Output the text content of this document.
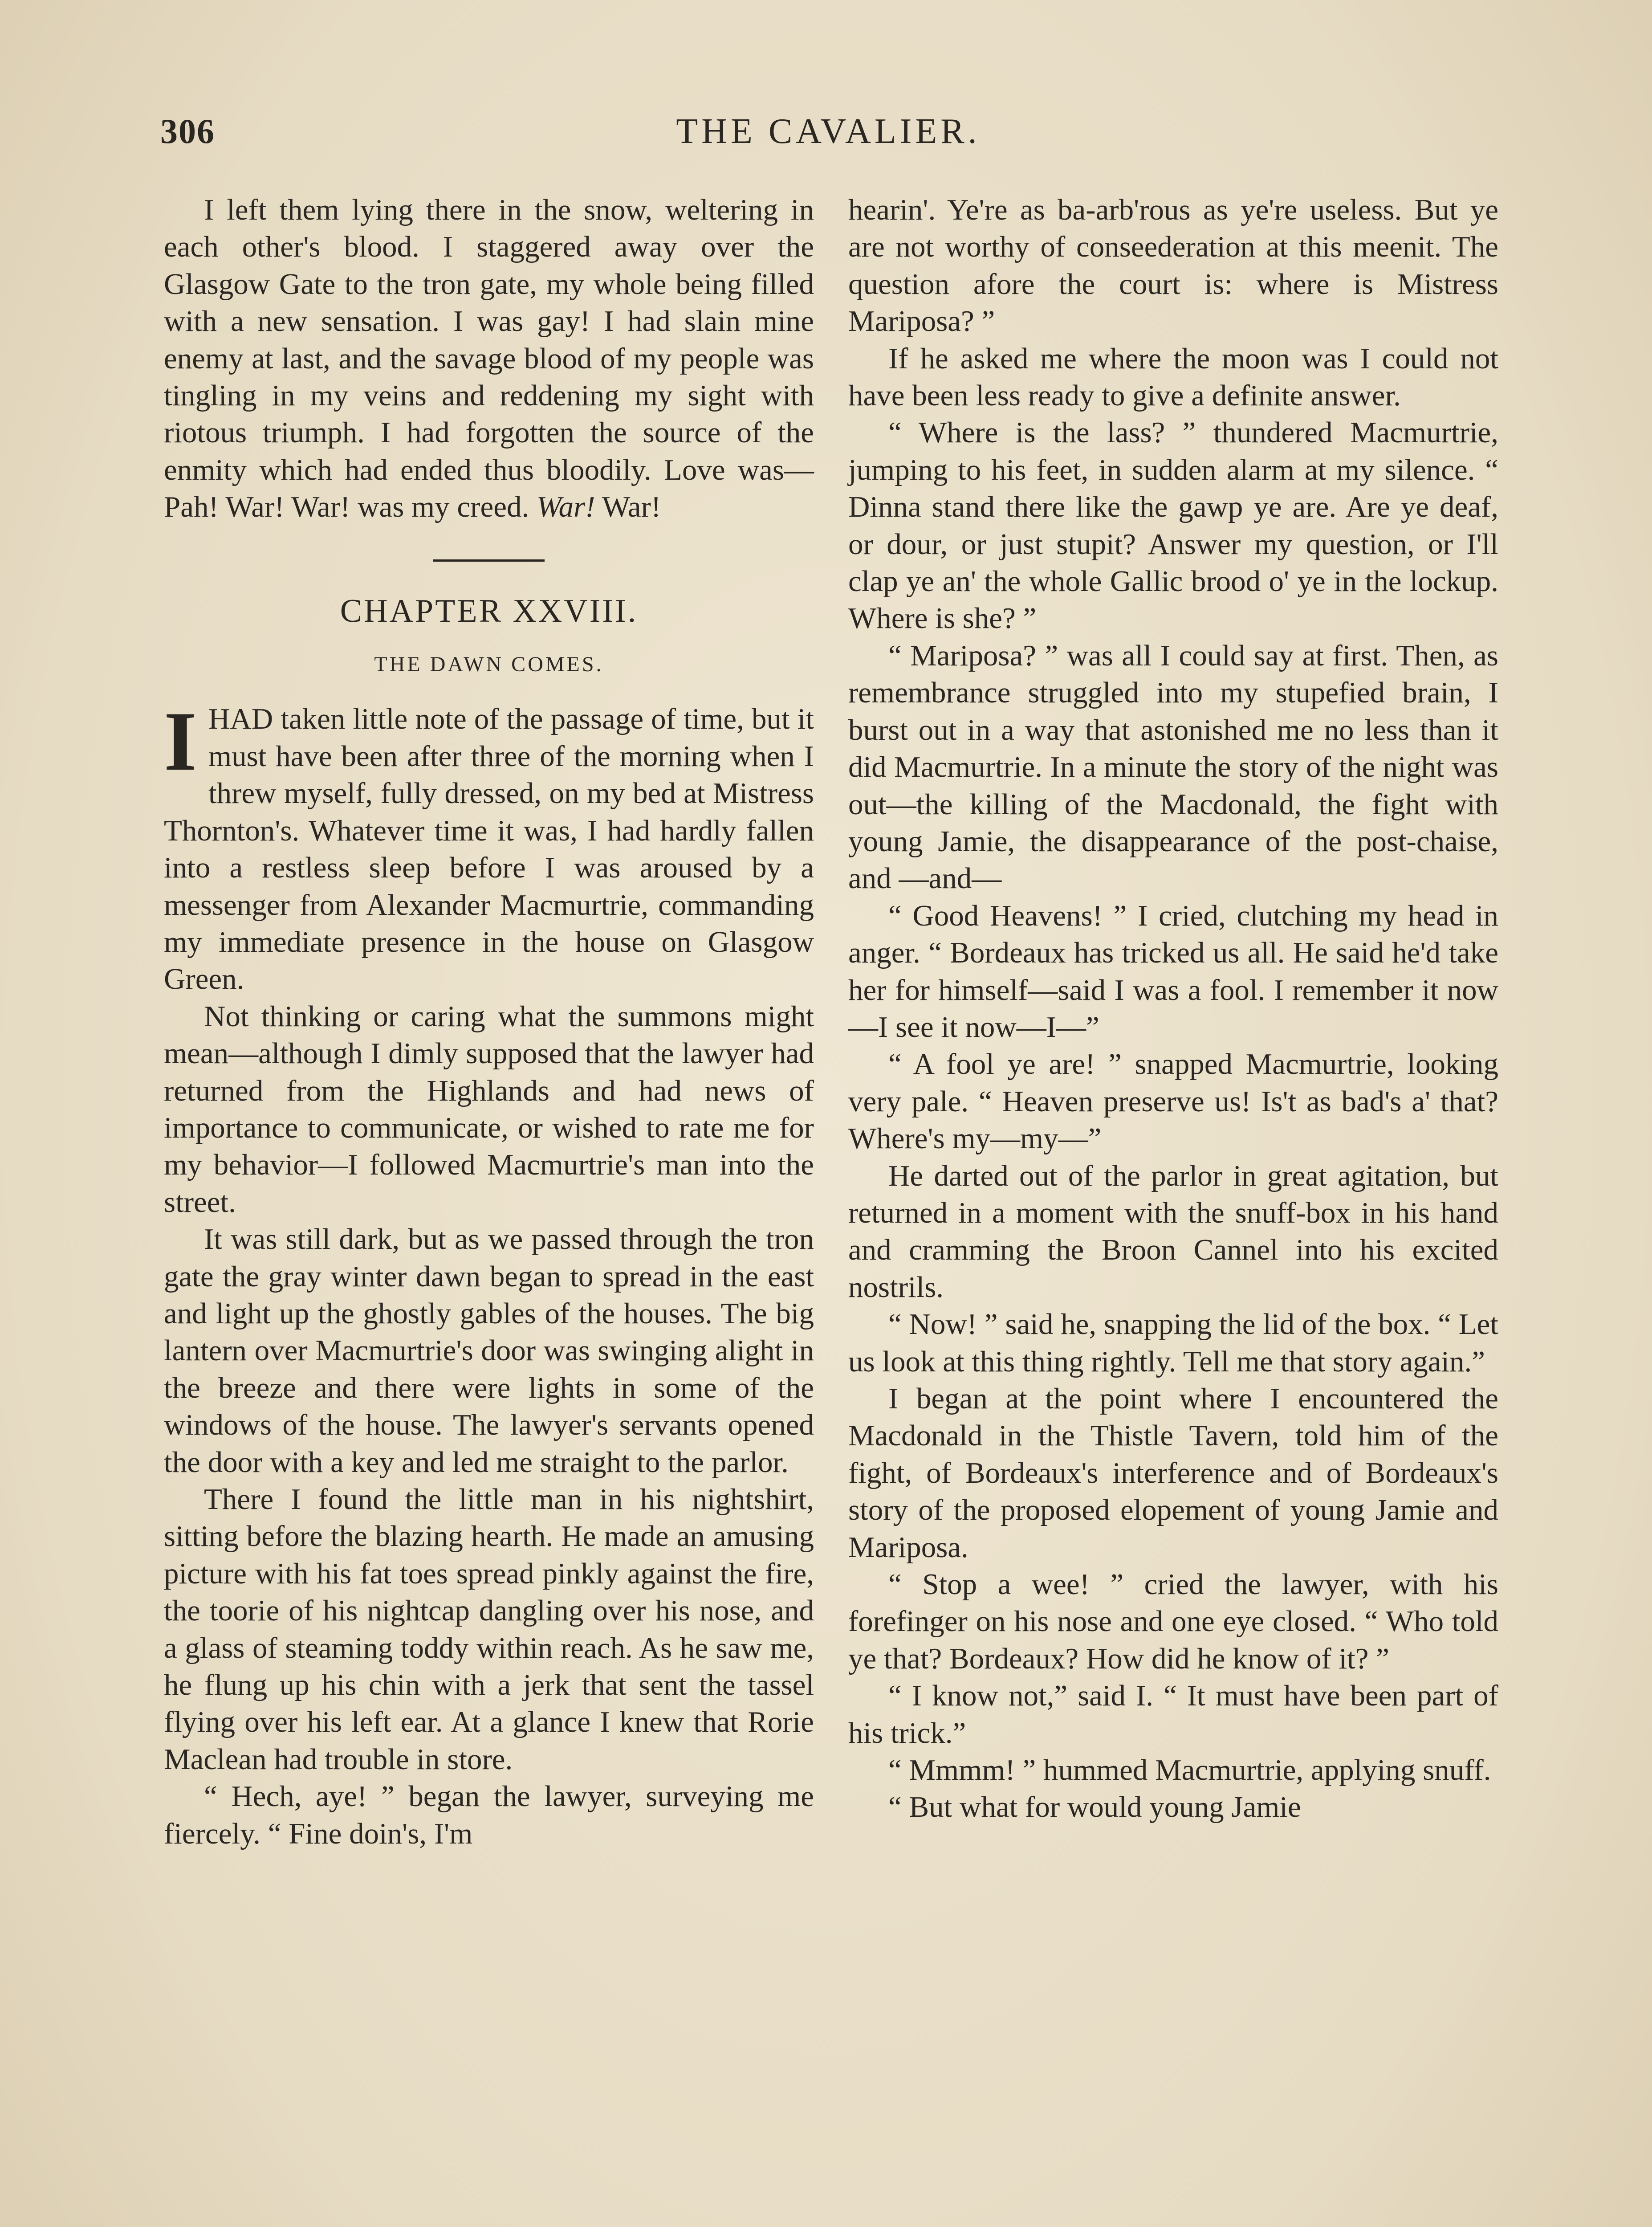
306	THE CAVALIER.

I left them lying there in the snow, weltering in each other's blood. I staggered away over the Glasgow Gate to the tron gate, my whole being filled with a new sensation. I was gay! I had slain mine enemy at last, and the savage blood of my people was tingling in my veins and reddening my sight with riotous triumph. I had forgotten the source of the enmity which had ended thus bloodily. Love was— Pah! War! War! was my creed. War! War!

CHAPTER XXVIII.
THE DAWN COMES.

IHAD taken little note of the passage of time, but it must have been after three of the morning when I threw myself, fully dressed, on my bed at Mistress Thornton's. Whatever time it was, I had hardly fallen into a restless sleep before I was aroused by a messenger from Alexander Macmurtrie, commanding my immediate presence in the house on Glasgow Green.

Not thinking or caring what the summons might mean—although I dimly supposed that the lawyer had returned from the Highlands and had news of importance to communicate, or wished to rate me for my behavior—I followed Macmurtrie's man into the street.

It was still dark, but as we passed through the tron gate the gray winter dawn began to spread in the east and light up the ghostly gables of the houses. The big lantern over Macmurtrie's door was swinging alight in the breeze and there were lights in some of the windows of the house. The lawyer's servants opened the door with a key and led me straight to the parlor.

There I found the little man in his nightshirt, sitting before the blazing hearth. He made an amusing picture with his fat toes spread pinkly against the fire, the toorie of his nightcap dangling over his nose, and a glass of steaming toddy within reach. As he saw me, he flung up his chin with a jerk that sent the tassel flying over his left ear. At a glance I knew that Rorie Maclean had trouble in store.

“ Hech, aye! ” began the lawyer, surveying me fiercely. “ Fine doin's, I'm

hearin'. Ye're as ba-arb'rous as ye're useless. But ye are not worthy of conseederation at this meenit. The question afore the court is: where is Mistress Mariposa? ”

If he asked me where the moon was I could not have been less ready to give a definite answer.

“ Where is the lass? ” thundered Macmurtrie, jumping to his feet, in sudden alarm at my silence. “ Dinna stand there like the gawp ye are. Are ye deaf, or dour, or just stupit? Answer my question, or I'll clap ye an' the whole Gallic brood o' ye in the lockup. Where is she? ”

“ Mariposa? ” was all I could say at first. Then, as remembrance struggled into my stupefied brain, I burst out in a way that astonished me no less than it did Macmurtrie. In a minute the story of the night was out—the killing of the Macdonald, the fight with young Jamie, the disappearance of the post-chaise, and —and—

“ Good Heavens! ” I cried, clutching my head in anger. “ Bordeaux has tricked us all. He said he'd take her for himself—said I was a fool. I remember it now—I see it now—I—”

“ A fool ye are! ” snapped Macmurtrie, looking very pale. “ Heaven preserve us! Is't as bad's a' that? Where's my—my—”

He darted out of the parlor in great agitation, but returned in a moment with the snuff-box in his hand and cramming the Broon Cannel into his excited nostrils.

“ Now! ” said he, snapping the lid of the box. “ Let us look at this thing rightly. Tell me that story again.”

I began at the point where I encountered the Macdonald in the Thistle Tavern, told him of the fight, of Bordeaux's interference and of Bordeaux's story of the proposed elopement of young Jamie and Mariposa.

“ Stop a wee! ” cried the lawyer, with his forefinger on his nose and one eye closed. “ Who told ye that? Bordeaux? How did he know of it? ”

“ I know not,” said I. “ It must have been part of his trick.”

“ Mmmm! ” hummed Macmurtrie, applying snuff.

“ But what for would young Jamie
